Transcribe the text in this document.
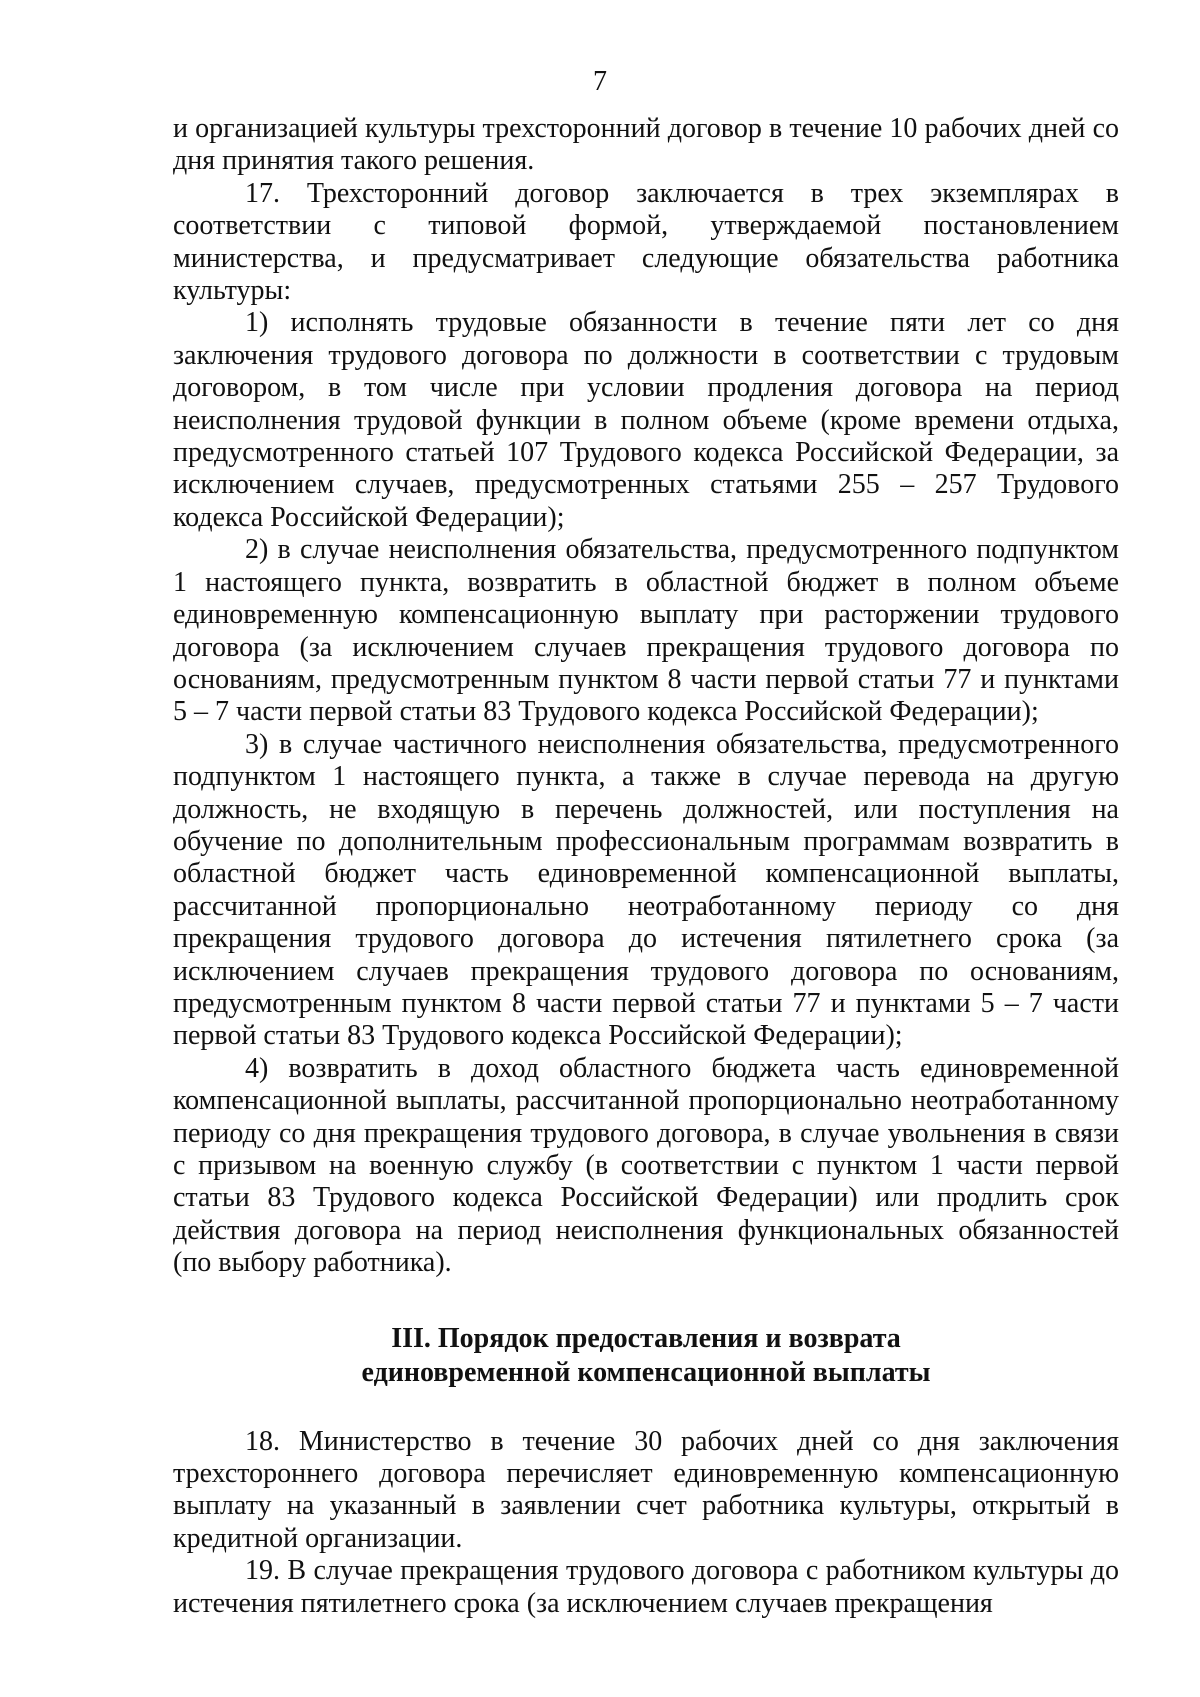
7

и организацией культуры трехсторонний договор в течение 10 рабочих дней со дня принятия такого решения.

17. Трехсторонний договор заключается в трех экземплярах в соответствии с типовой формой, утверждаемой постановлением министерства, и предусматривает следующие обязательства работника культуры:

1) исполнять трудовые обязанности в течение пяти лет со дня заключения трудового договора по должности в соответствии с трудовым договором, в том числе при условии продления договора на период неисполнения трудовой функции в полном объеме (кроме времени отдыха, предусмотренного статьей 107 Трудового кодекса Российской Федерации, за исключением случаев, предусмотренных статьями 255 – 257 Трудового кодекса Российской Федерации);

2) в случае неисполнения обязательства, предусмотренного подпунктом 1 настоящего пункта, возвратить в областной бюджет в полном объеме единовременную компенсационную выплату при расторжении трудового договора (за исключением случаев прекращения трудового договора по основаниям, предусмотренным пунктом 8 части первой статьи 77 и пунктами 5 – 7 части первой статьи 83 Трудового кодекса Российской Федерации);

3) в случае частичного неисполнения обязательства, предусмотренного подпунктом 1 настоящего пункта, а также в случае перевода на другую должность, не входящую в перечень должностей, или поступления на обучение по дополнительным профессиональным программам возвратить в областной бюджет часть единовременной компенсационной выплаты, рассчитанной пропорционально неотработанному периоду со дня прекращения трудового договора до истечения пятилетнего срока (за исключением случаев прекращения трудового договора по основаниям, предусмотренным пунктом 8 части первой статьи 77 и пунктами 5 – 7 части первой статьи 83 Трудового кодекса Российской Федерации);

4) возвратить в доход областного бюджета часть единовременной компенсационной выплаты, рассчитанной пропорционально неотработанному периоду со дня прекращения трудового договора, в случае увольнения в связи с призывом на военную службу (в соответствии с пунктом 1 части первой статьи 83 Трудового кодекса Российской Федерации) или продлить срок действия договора на период неисполнения функциональных обязанностей (по выбору работника).

III. Порядок предоставления и возврата
единовременной компенсационной выплаты

18. Министерство в течение 30 рабочих дней со дня заключения трехстороннего договора перечисляет единовременную компенсационную выплату на указанный в заявлении счет работника культуры, открытый в кредитной организации.

19. В случае прекращения трудового договора с работником культуры до истечения пятилетнего срока (за исключением случаев прекращения
